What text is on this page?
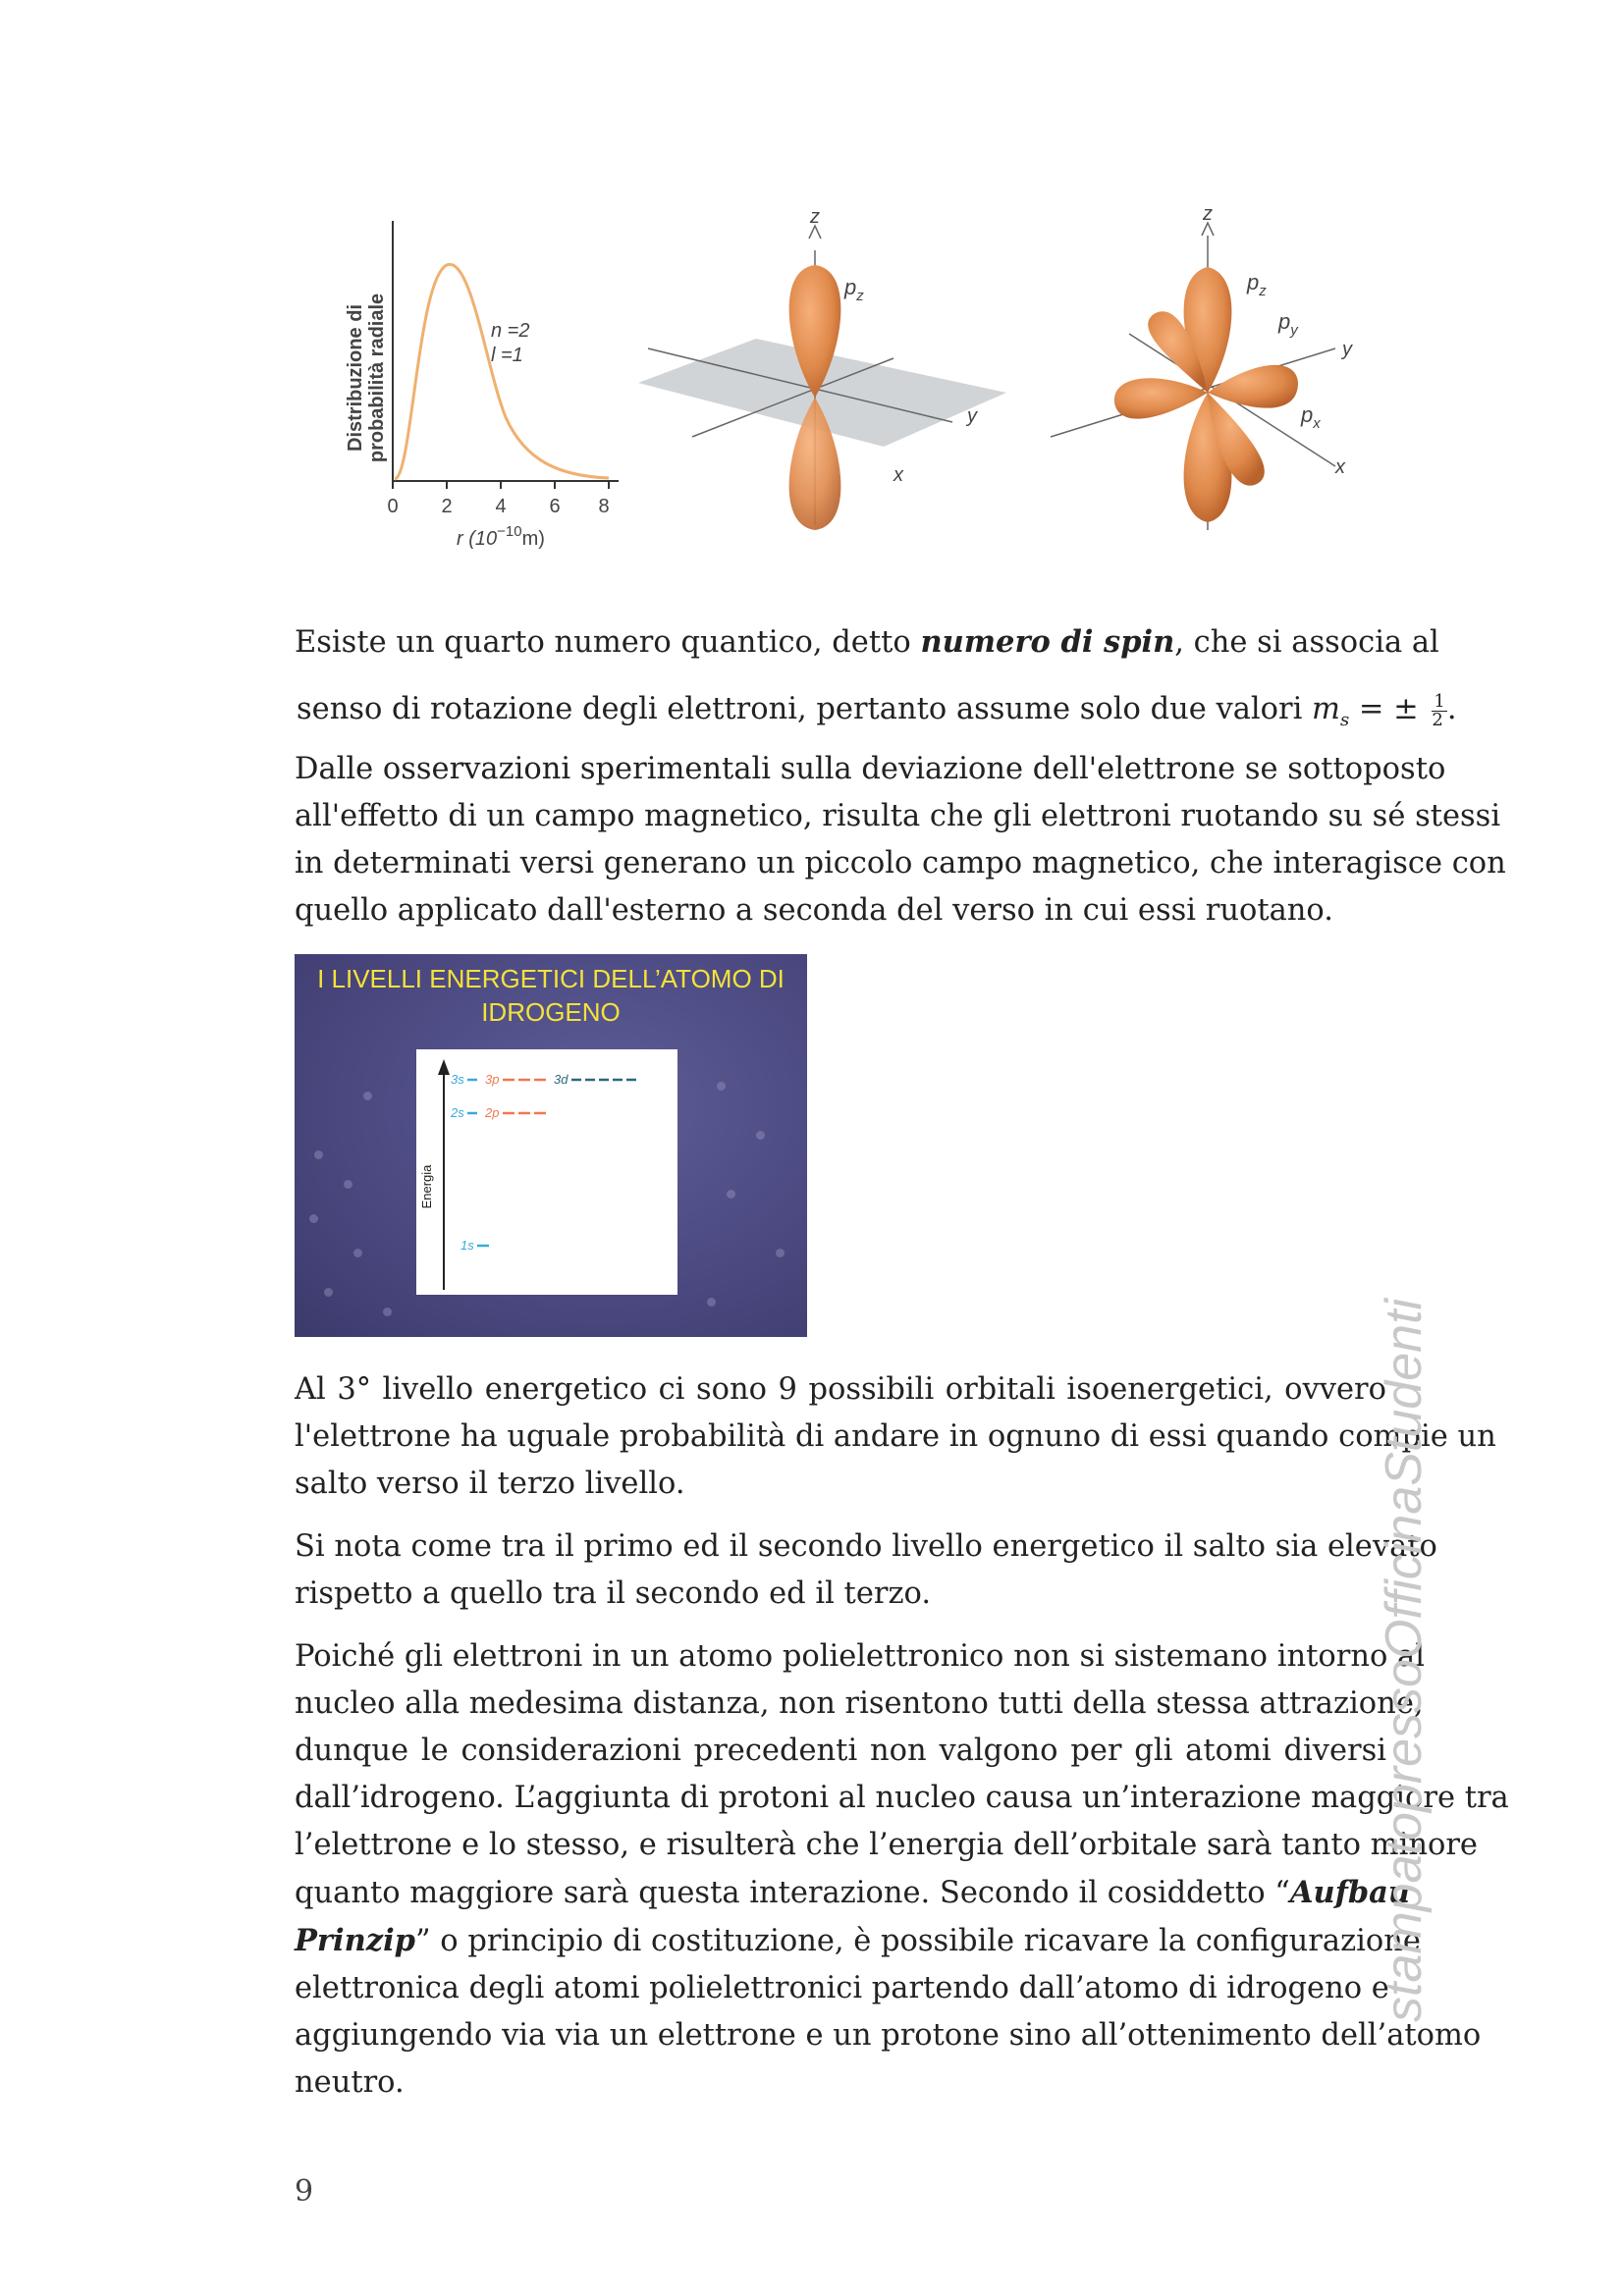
Distribuzione di probabilità radiale	n =2
l =1
0 2 4 6 8
r $(10^{-10}m)$
z
y
x
$p_z$
z
y
x
$p_z$
$p_y$
$p_x$
Esiste un quarto numero quantico, detto numero di spin, che si associa al
senso di rotazione degli elettroni, pertanto assume solo due valori $m_s$ = ± $\frac{1}{2}$ .
Dalle osservazioni sperimentali sulla deviazione dell'elettrone se sottoposto
all'effetto di un campo magnetico, risulta che gli elettroni ruotando su sé stessi
in determinati versi generano un piccolo campo magnetico, che interagisce con
quello applicato dall'esterno a seconda del verso in cui essi ruotano.
I LIVELLI ENERGETICI DELL’ATOMO DI
IDROGENO
Energia
3s 3p	3d
2s 2p
1s
Al 3° livello energetico ci sono 9 possibili orbitali isoenergetici, ovvero
l'elettrone ha uguale probabilità di andare in ognuno di essi quando compie un
salto verso il terzo livello.
Si nota come tra il primo ed il secondo livello energetico il salto sia elevato
rispetto a quello tra il secondo ed il terzo.
Poiché gli elettroni in un atomo polielettronico non si sistemano intorno al
nucleo alla medesima distanza, non risentono tutti della stessa attrazione,
dunque le considerazioni precedenti non valgono per gli atomi diversi
dall’idrogeno. L’aggiunta di protoni al nucleo causa un’interazione maggiore tra
l’elettrone e lo stesso, e risulterà che l’energia dell’orbitale sarà tanto minore
quanto maggiore sarà questa interazione. Secondo il cosiddetto “Aufbau
Prinzip” o principio di costituzione, è possibile ricavare la configurazione
elettronica degli atomi polielettronici partendo dall’atomo di idrogeno e
aggiungendo via via un elettrone e un protone sino all’ottenimento dell’atomo
neutro.
stampatopressoOfficinaStudenti
9
